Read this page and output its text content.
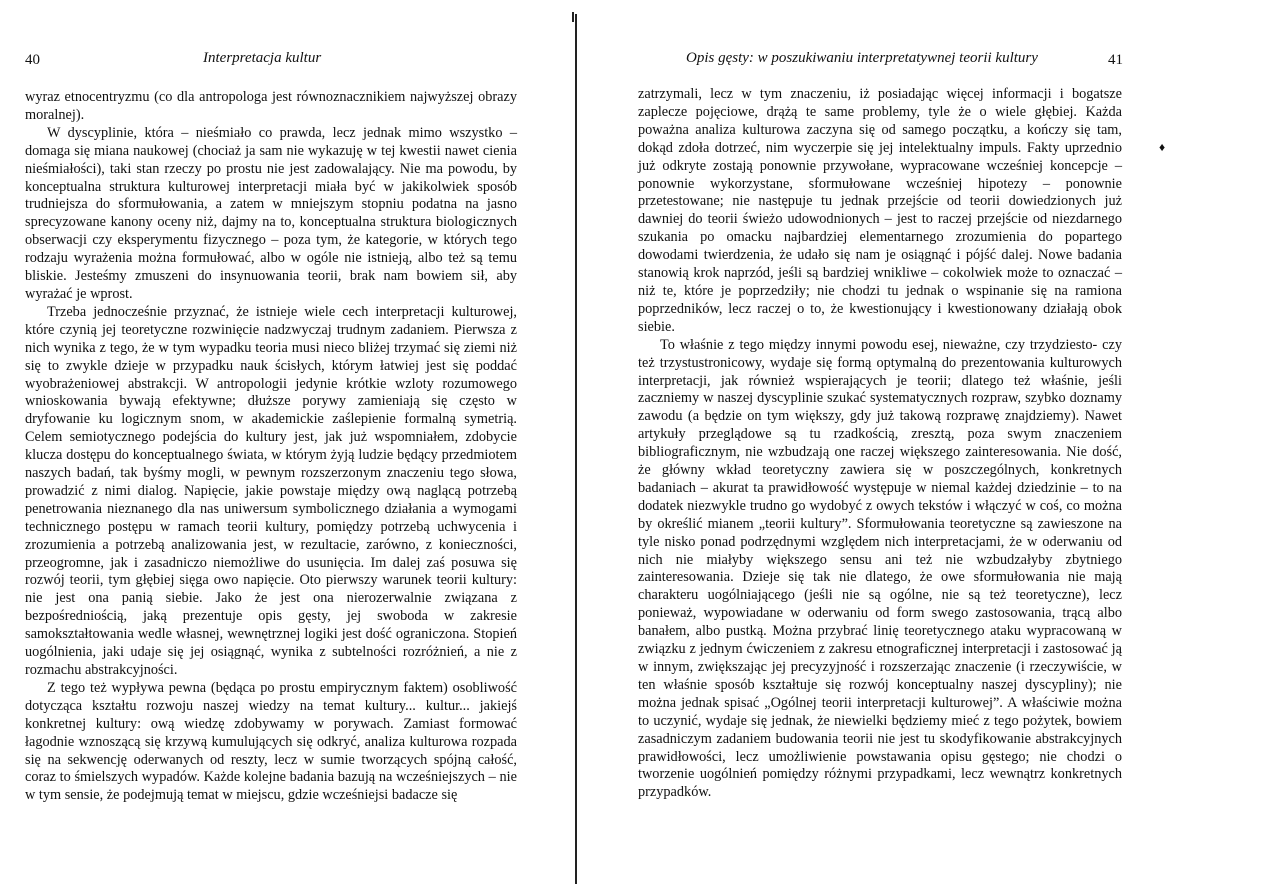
40	Interpretacja kultur

wyraz etnocentryzmu (co dla antropologa jest równoznacznikiem najwyższej obrazy moralnej).

W dyscyplinie, która – nieśmiało co prawda, lecz jednak mimo wszystko – domaga się miana naukowej (chociaż ja sam nie wykazuję w tej kwestii nawet cienia nieśmiałości), taki stan rzeczy po prostu nie jest zadowalający. Nie ma powodu, by konceptualna struktura kulturowej interpretacji miała być w jakikolwiek sposób trudniejsza do sformułowania, a zatem w mniejszym stopniu podatna na jasno sprecyzowane kanony oceny niż, dajmy na to, konceptualna struktura biologicznych obserwacji czy eksperymentu fizycznego – poza tym, że kategorie, w których tego rodzaju wyrażenia można formułować, albo w ogóle nie istnieją, albo też są temu bliskie. Jesteśmy zmuszeni do insynuowania teorii, brak nam bowiem sił, aby wyrażać je wprost.

Trzeba jednocześnie przyznać, że istnieje wiele cech interpretacji kulturowej, które czynią jej teoretyczne rozwinięcie nadzwyczaj trudnym zadaniem. Pierwsza z nich wynika z tego, że w tym wypadku teoria musi nieco bliżej trzymać się ziemi niż się to zwykle dzieje w przypadku nauk ścisłych, którym łatwiej jest się poddać wyobrażeniowej abstrakcji. W antropologii jedynie krótkie wzloty rozumowego wnioskowania bywają efektywne; dłuższe porywy zamieniają się często w dryfowanie ku logicznym snom, w akademickie zaślepienie formalną symetrią. Celem semiotycznego podejścia do kultury jest, jak już wspomniałem, zdobycie klucza dostępu do konceptualnego świata, w którym żyją ludzie będący przedmiotem naszych badań, tak byśmy mogli, w pewnym rozszerzonym znaczeniu tego słowa, prowadzić z nimi dialog. Napięcie, jakie powstaje między ową naglącą potrzebą penetrowania nieznanego dla nas uniwersum symbolicznego działania a wymogami technicznego postępu w ramach teorii kultury, pomiędzy potrzebą uchwycenia i zrozumienia a potrzebą analizowania jest, w rezultacie, zarówno, z konieczności, przeogromne, jak i zasadniczo niemożliwe do usunięcia. Im dalej zaś posuwa się rozwój teorii, tym głębiej sięga owo napięcie. Oto pierwszy warunek teorii kultury: nie jest ona panią siebie. Jako że jest ona nierozerwalnie związana z bezpośredniością, jaką prezentuje opis gęsty, jej swoboda w zakresie samokształtowania wedle własnej, wewnętrznej logiki jest dość ograniczona. Stopień uogólnienia, jaki udaje się jej osiągnąć, wynika z subtelności rozróżnień, a nie z rozmachu abstrakcyjności.

Z tego też wypływa pewna (będąca po prostu empirycznym faktem) osobliwość dotycząca kształtu rozwoju naszej wiedzy na temat kultury... kultur... jakiejś konkretnej kultury: ową wiedzę zdobywamy w porywach. Zamiast formować łagodnie wznoszącą się krzywą kumulujących się odkryć, analiza kulturowa rozpada się na sekwencję oderwanych od reszty, lecz w sumie tworzących spójną całość, coraz to śmielszych wypadów. Każde kolejne badania bazują na wcześniejszych – nie w tym sensie, że podejmują temat w miejscu, gdzie wcześniejsi badacze się

Opis gęsty: w poszukiwaniu interpretatywnej teorii kultury	41

zatrzymali, lecz w tym znaczeniu, iż posiadając więcej informacji i bogatsze zaplecze pojęciowe, drążą te same problemy, tyle że o wiele głębiej. Każda poważna analiza kulturowa zaczyna się od samego początku, a kończy się tam, dokąd zdoła dotrzeć, nim wyczerpie się jej intelektualny impuls. Fakty uprzednio już odkryte zostają ponownie przywołane, wypracowane wcześniej koncepcje – ponownie wykorzystane, sformułowane wcześniej hipotezy – ponownie przetestowane; nie następuje tu jednak przejście od teorii dowiedzionych już dawniej do teorii świeżo udowodnionych – jest to raczej przejście od niezdarnego szukania po omacku najbardziej elementarnego zrozumienia do popartego dowodami twierdzenia, że udało się nam je osiągnąć i pójść dalej. Nowe badania stanowią krok naprzód, jeśli są bardziej wnikliwe – cokolwiek może to oznaczać – niż te, które je poprzedziły; nie chodzi tu jednak o wspinanie się na ramiona poprzedników, lecz raczej o to, że kwestionujący i kwestionowany działają obok siebie.

To właśnie z tego między innymi powodu esej, nieważne, czy trzydziesto- czy też trzystustronicowy, wydaje się formą optymalną do prezentowania kulturowych interpretacji, jak również wspierających je teorii; dlatego też właśnie, jeśli zaczniemy w naszej dyscyplinie szukać systematycznych rozpraw, szybko doznamy zawodu (a będzie on tym większy, gdy już takową rozprawę znajdziemy). Nawet artykuły przeglądowe są tu rzadkością, zresztą, poza swym znaczeniem bibliograficznym, nie wzbudzają one raczej większego zainteresowania. Nie dość, że główny wkład teoretyczny zawiera się w poszczególnych, konkretnych badaniach – akurat ta prawidłowość występuje w niemal każdej dziedzinie – to na dodatek niezwykle trudno go wydobyć z owych tekstów i włączyć w coś, co można by określić mianem „teorii kultury”. Sformułowania teoretyczne są zawieszone na tyle nisko ponad podrzędnymi względem nich interpretacjami, że w oderwaniu od nich nie miałyby większego sensu ani też nie wzbudzałyby zbytniego zainteresowania. Dzieje się tak nie dlatego, że owe sformułowania nie mają charakteru uogólniającego (jeśli nie są ogólne, nie są też teoretyczne), lecz ponieważ, wypowiadane w oderwaniu od form swego zastosowania, trącą albo banałem, albo pustką. Można przybrać linię teoretycznego ataku wypracowaną w związku z jednym ćwiczeniem z zakresu etnograficznej interpretacji i zastosować ją w innym, zwiększając jej precyzyjność i rozszerzając znaczenie (i rzeczywiście, w ten właśnie sposób kształtuje się rozwój konceptualny naszej dyscypliny); nie można jednak spisać „Ogólnej teorii interpretacji kulturowej”. A właściwie można to uczynić, wydaje się jednak, że niewielki będziemy mieć z tego pożytek, bowiem zasadniczym zadaniem budowania teorii nie jest tu skodyfikowanie abstrakcyjnych prawidłowości, lecz umożliwienie powstawania opisu gęstego; nie chodzi o tworzenie uogólnień pomiędzy różnymi przypadkami, lecz wewnątrz konkretnych przypadków.

♦
